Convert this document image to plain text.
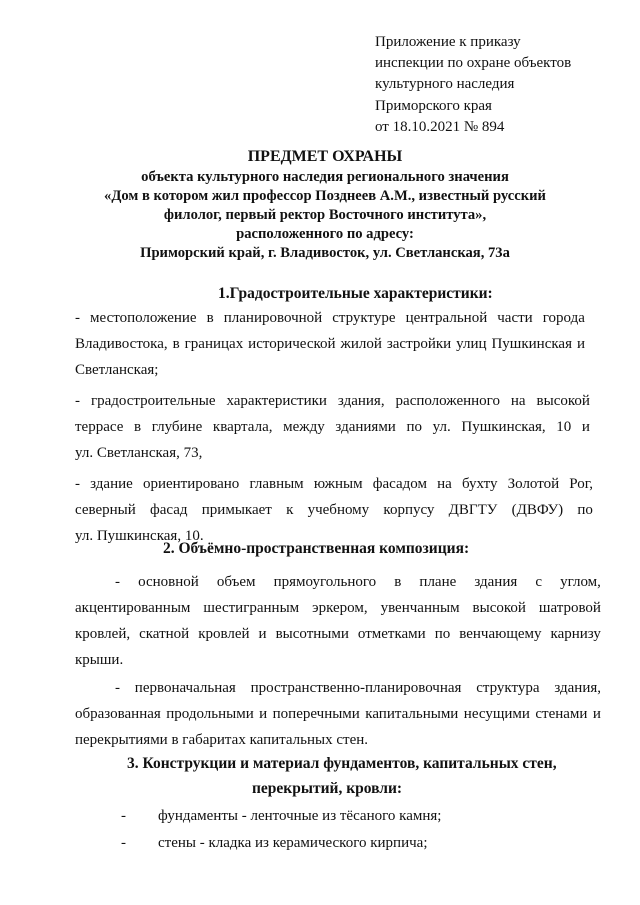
Приложение к приказу
инспекции по охране объектов
культурного наследия
Приморского края
от 18.10.2021 № 894
ПРЕДМЕТ ОХРАНЫ
объекта культурного наследия регионального значения
«Дом в котором жил профессор Позднеев А.М., известный русский
филолог, первый ректор Восточного института»,
расположенного по адресу:
Приморский край, г. Владивосток, ул. Светланская, 73а
1.Градостроительные характеристики:
- местоположение в планировочной структуре центральной части города
Владивостока, в границах исторической жилой застройки улиц Пушкинская и
Светланская;
- градостроительные характеристики здания, расположенного на высокой
террасе в глубине квартала, между зданиями по ул. Пушкинская, 10 и
ул. Светланская, 73,
- здание ориентировано главным южным фасадом на бухту Золотой Рог,
северный фасад примыкает к учебному корпусу ДВГТУ (ДВФУ) по
ул. Пушкинская, 10.
2. Объёмно-пространственная композиция:
- основной объем прямоугольного в плане здания с углом,
акцентированным шестигранным эркером, увенчанным высокой шатровой
кровлей, скатной кровлей и высотными отметками по венчающему карнизу
крыши.
- первоначальная пространственно-планировочная структура здания,
образованная продольными и поперечными капитальными несущими стенами и
перекрытиями в габаритах капитальных стен.
3. Конструкции и материал фундаментов, капитальных стен,
перекрытий, кровли:
- фундаменты - ленточные из тёсаного камня;
- стены - кладка из керамического кирпича;
